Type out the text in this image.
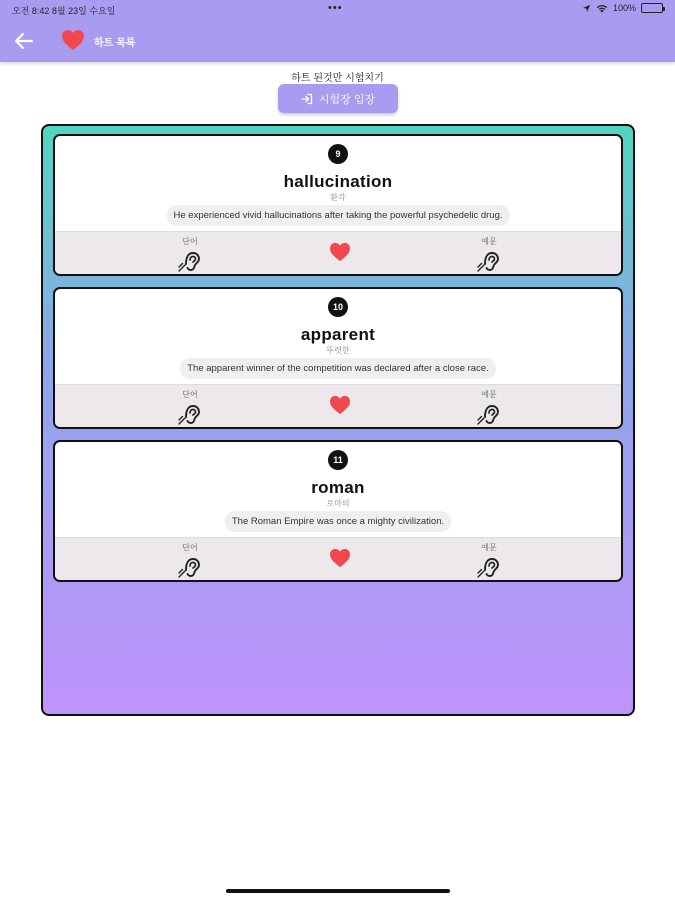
오전 8:42 8월 23일 수요일	•••	100%
하트 목록
하트 된것만 시험치기
시험장 입장
9
hallucination
환각
He experienced vivid hallucinations after taking the powerful psychedelic drug.
단어	예문
10
apparent
뚜렷한
The apparent winner of the competition was declared after a close race.
단어	예문
11
roman
로마의
The Roman Empire was once a mighty civilization.
단어	예문
